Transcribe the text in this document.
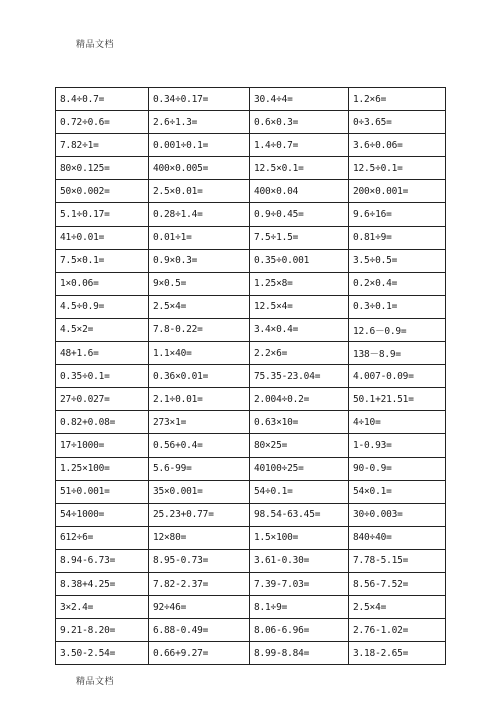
精品文档
8.4÷0.7=	0.34÷0.17=	30.4÷4=	1.2×6=
0.72÷0.6=	2.6÷1.3=	0.6×0.3=	0÷3.65=
7.82÷1=	0.001÷0.1=	1.4÷0.7=	3.6÷0.06=
80×0.125=	400×0.005=	12.5×0.1=	12.5÷0.1=
50×0.002=	2.5×0.01=	400×0.04	200×0.001=
5.1÷0.17=	0.28÷1.4=	0.9÷0.45=	9.6÷16=
41÷0.01=	0.01÷1=	7.5÷1.5=	0.81÷9=
7.5×0.1=	0.9×0.3=	0.35÷0.001	3.5÷0.5=
1×0.06=	9×0.5=	1.25×8=	0.2×0.4=
4.5÷0.9=	2.5×4=	12.5×4=	0.3÷0.1=
4.5×2=	7.8-0.22=	3.4×0.4=	12.6－0.9=
48+1.6=	1.1×40=	2.2×6=	138－8.9=
0.35÷0.1=	0.36×0.01=	75.35-23.04=	4.007-0.09=
27÷0.027=	2.1÷0.01=	2.004÷0.2=	50.1+21.51=
0.82+0.08=	273×1=	0.63×10=	4÷10=
17÷1000=	0.56+0.4=	80×25=	1-0.93=
1.25×100=	5.6-99=	40100÷25=	90-0.9=
51÷0.001=	35×0.001=	54÷0.1=	54×0.1=
54÷1000=	25.23+0.77=	98.54-63.45=	30÷0.003=
612÷6=	12×80=	1.5×100=	840÷40=
8.94-6.73=	8.95-0.73=	3.61-0.30=	7.78-5.15=
8.38+4.25=	7.82-2.37=	7.39-7.03=	8.56-7.52=
3×2.4=	92÷46=	8.1÷9=	2.5×4=
9.21-8.20=	6.88-0.49=	8.06-6.96=	2.76-1.02=
3.50-2.54=	0.66+9.27=	8.99-8.84=	3.18-2.65=
精品文档
